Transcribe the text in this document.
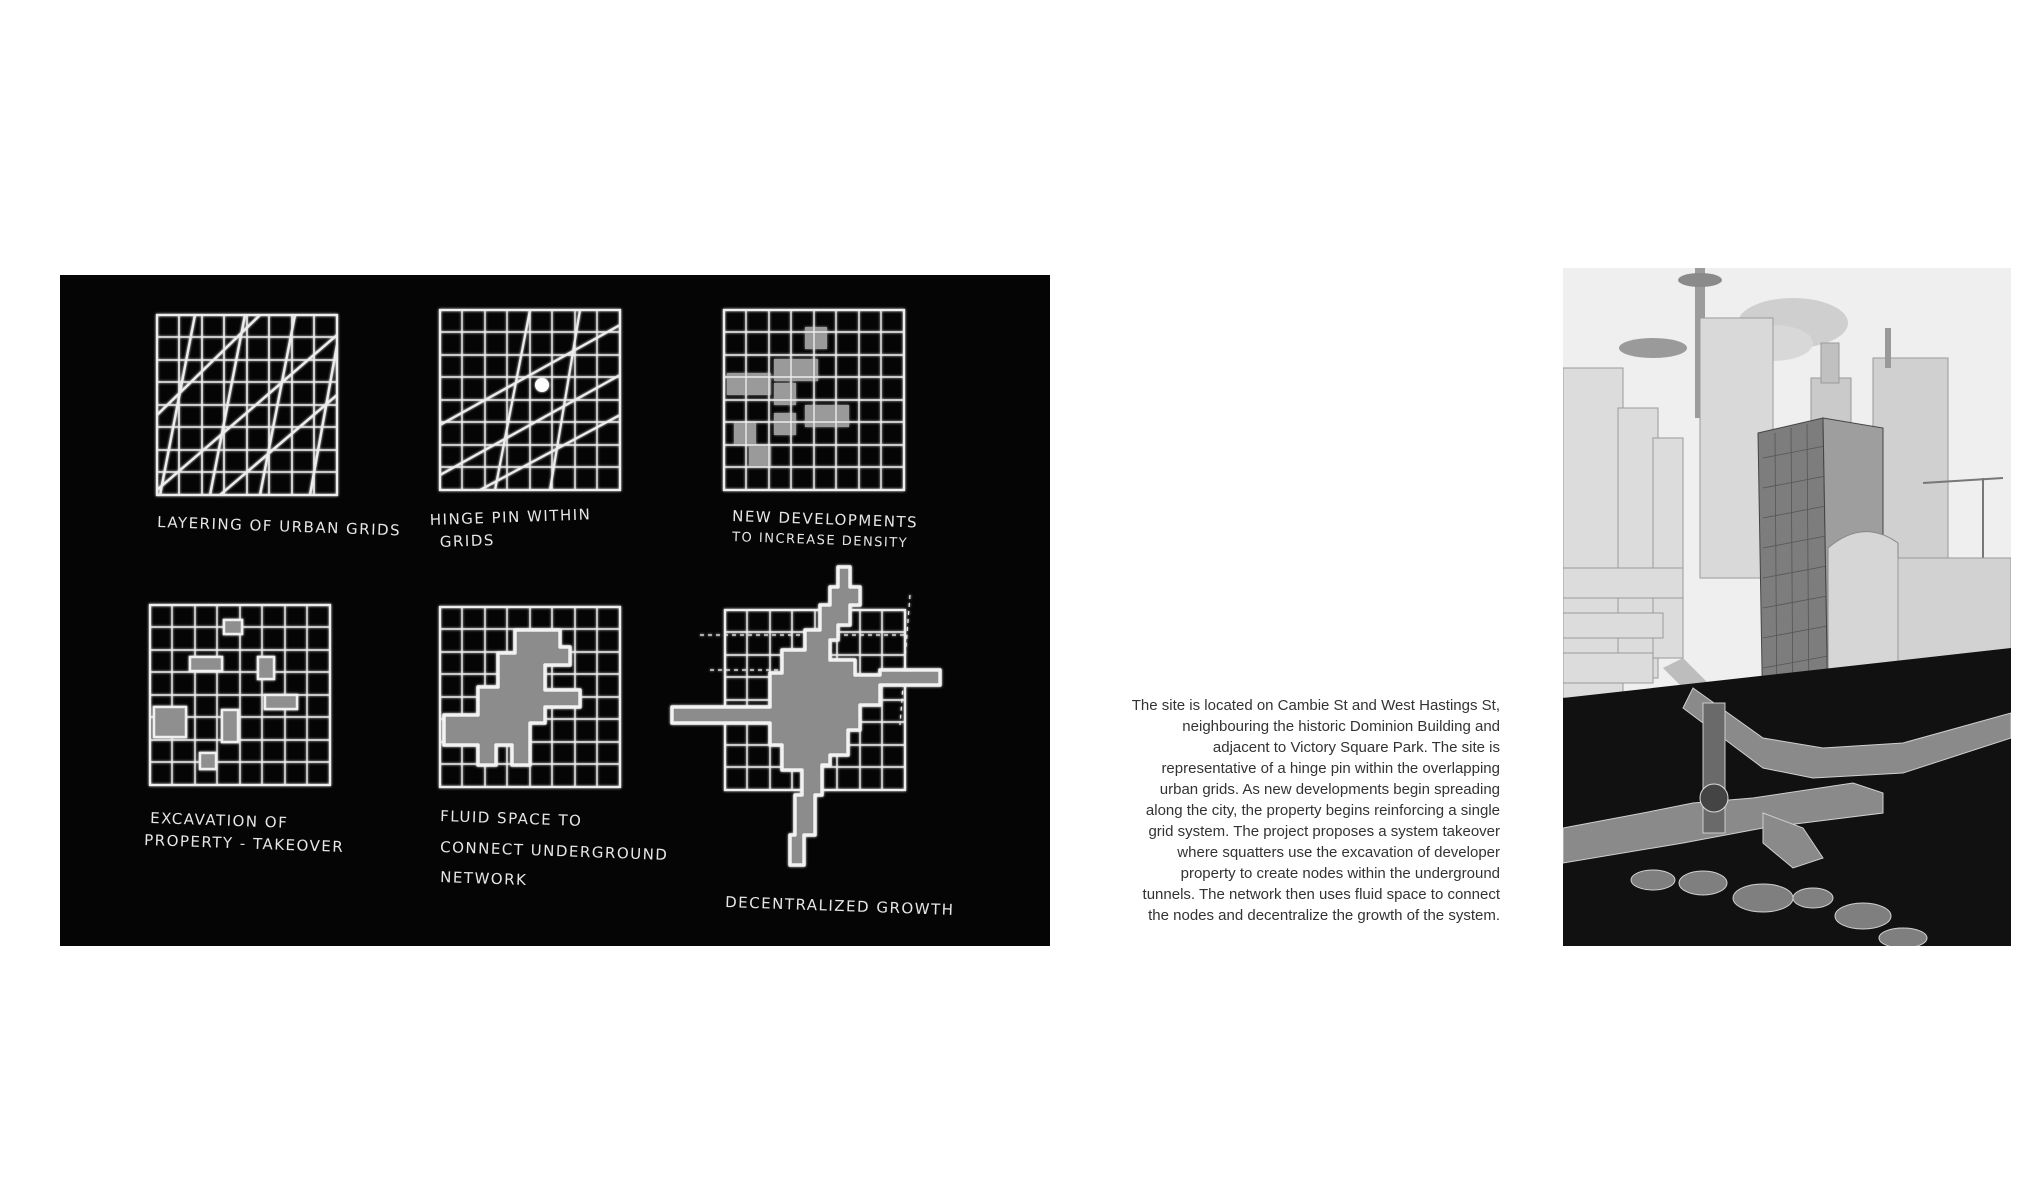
LAYERING OF URBAN GRIDS HINGE PIN WITHIN
GRIDS
NEW DEVELOPMENTS
TO INCREASE DENSITY
EXCAVATION OF
PROPERTY - TAKEOVER
FLUID SPACE TO
CONNECT UNDERGROUND
NETWORK
DECENTRALIZED GROWTH

The site is located on Cambie St and West Hastings St, neighbouring the historic Dominion Building and adjacent to Victory Square Park. The site is representative of a hinge pin within the overlapping urban grids. As new developments begin spreading along the city, the property begins reinforcing a single grid system. The project proposes a system takeover where squatters use the excavation of developer property to create nodes within the underground tunnels. The network then uses fluid space to connect the nodes and decentralize the growth of the system.
